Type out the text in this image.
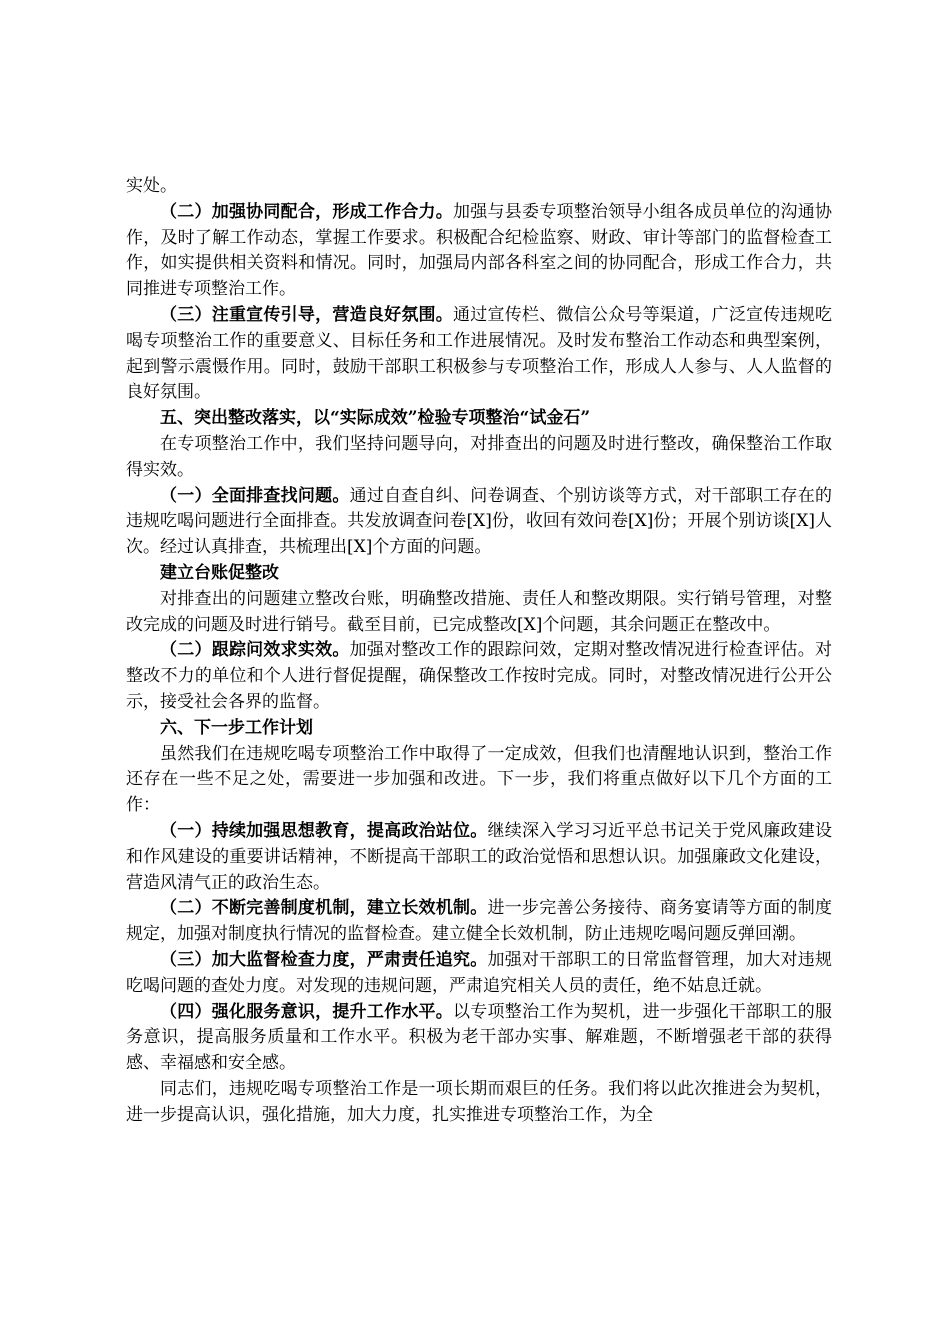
实处。

（二）加强协同配合，形成工作合力。加强与县委专项整治领导小组各成员单位的沟通协作，及时了解工作动态，掌握工作要求。积极配合纪检监察、财政、审计等部门的监督检查工作，如实提供相关资料和情况。同时，加强局内部各科室之间的协同配合，形成工作合力，共同推进专项整治工作。

（三）注重宣传引导，营造良好氛围。通过宣传栏、微信公众号等渠道，广泛宣传违规吃喝专项整治工作的重要意义、目标任务和工作进展情况。及时发布整治工作动态和典型案例，起到警示震慑作用。同时，鼓励干部职工积极参与专项整治工作，形成人人参与、人人监督的良好氛围。

五、突出整改落实，以“实际成效”检验专项整治“试金石”

在专项整治工作中，我们坚持问题导向，对排查出的问题及时进行整改，确保整治工作取得实效。

（一）全面排查找问题。通过自查自纠、问卷调查、个别访谈等方式，对干部职工存在的违规吃喝问题进行全面排查。共发放调查问卷[X]份，收回有效问卷[X]份；开展个别访谈[X]人次。经过认真排查，共梳理出[X]个方面的问题。

建立台账促整改

对排查出的问题建立整改台账，明确整改措施、责任人和整改期限。实行销号管理，对整改完成的问题及时进行销号。截至目前，已完成整改[X]个问题，其余问题正在整改中。

（二）跟踪问效求实效。加强对整改工作的跟踪问效，定期对整改情况进行检查评估。对整改不力的单位和个人进行督促提醒，确保整改工作按时完成。同时，对整改情况进行公开公示，接受社会各界的监督。

六、下一步工作计划

虽然我们在违规吃喝专项整治工作中取得了一定成效，但我们也清醒地认识到，整治工作还存在一些不足之处，需要进一步加强和改进。下一步，我们将重点做好以下几个方面的工作：

（一）持续加强思想教育，提高政治站位。继续深入学习习近平总书记关于党风廉政建设和作风建设的重要讲话精神，不断提高干部职工的政治觉悟和思想认识。加强廉政文化建设，营造风清气正的政治生态。

（二）不断完善制度机制，建立长效机制。进一步完善公务接待、商务宴请等方面的制度规定，加强对制度执行情况的监督检查。建立健全长效机制，防止违规吃喝问题反弹回潮。

（三）加大监督检查力度，严肃责任追究。加强对干部职工的日常监督管理，加大对违规吃喝问题的查处力度。对发现的违规问题，严肃追究相关人员的责任，绝不姑息迁就。

（四）强化服务意识，提升工作水平。以专项整治工作为契机，进一步强化干部职工的服务意识，提高服务质量和工作水平。积极为老干部办实事、解难题，不断增强老干部的获得感、幸福感和安全感。

同志们，违规吃喝专项整治工作是一项长期而艰巨的任务。我们将以此次推进会为契机，进一步提高认识，强化措施，加大力度，扎实推进专项整治工作，为全
